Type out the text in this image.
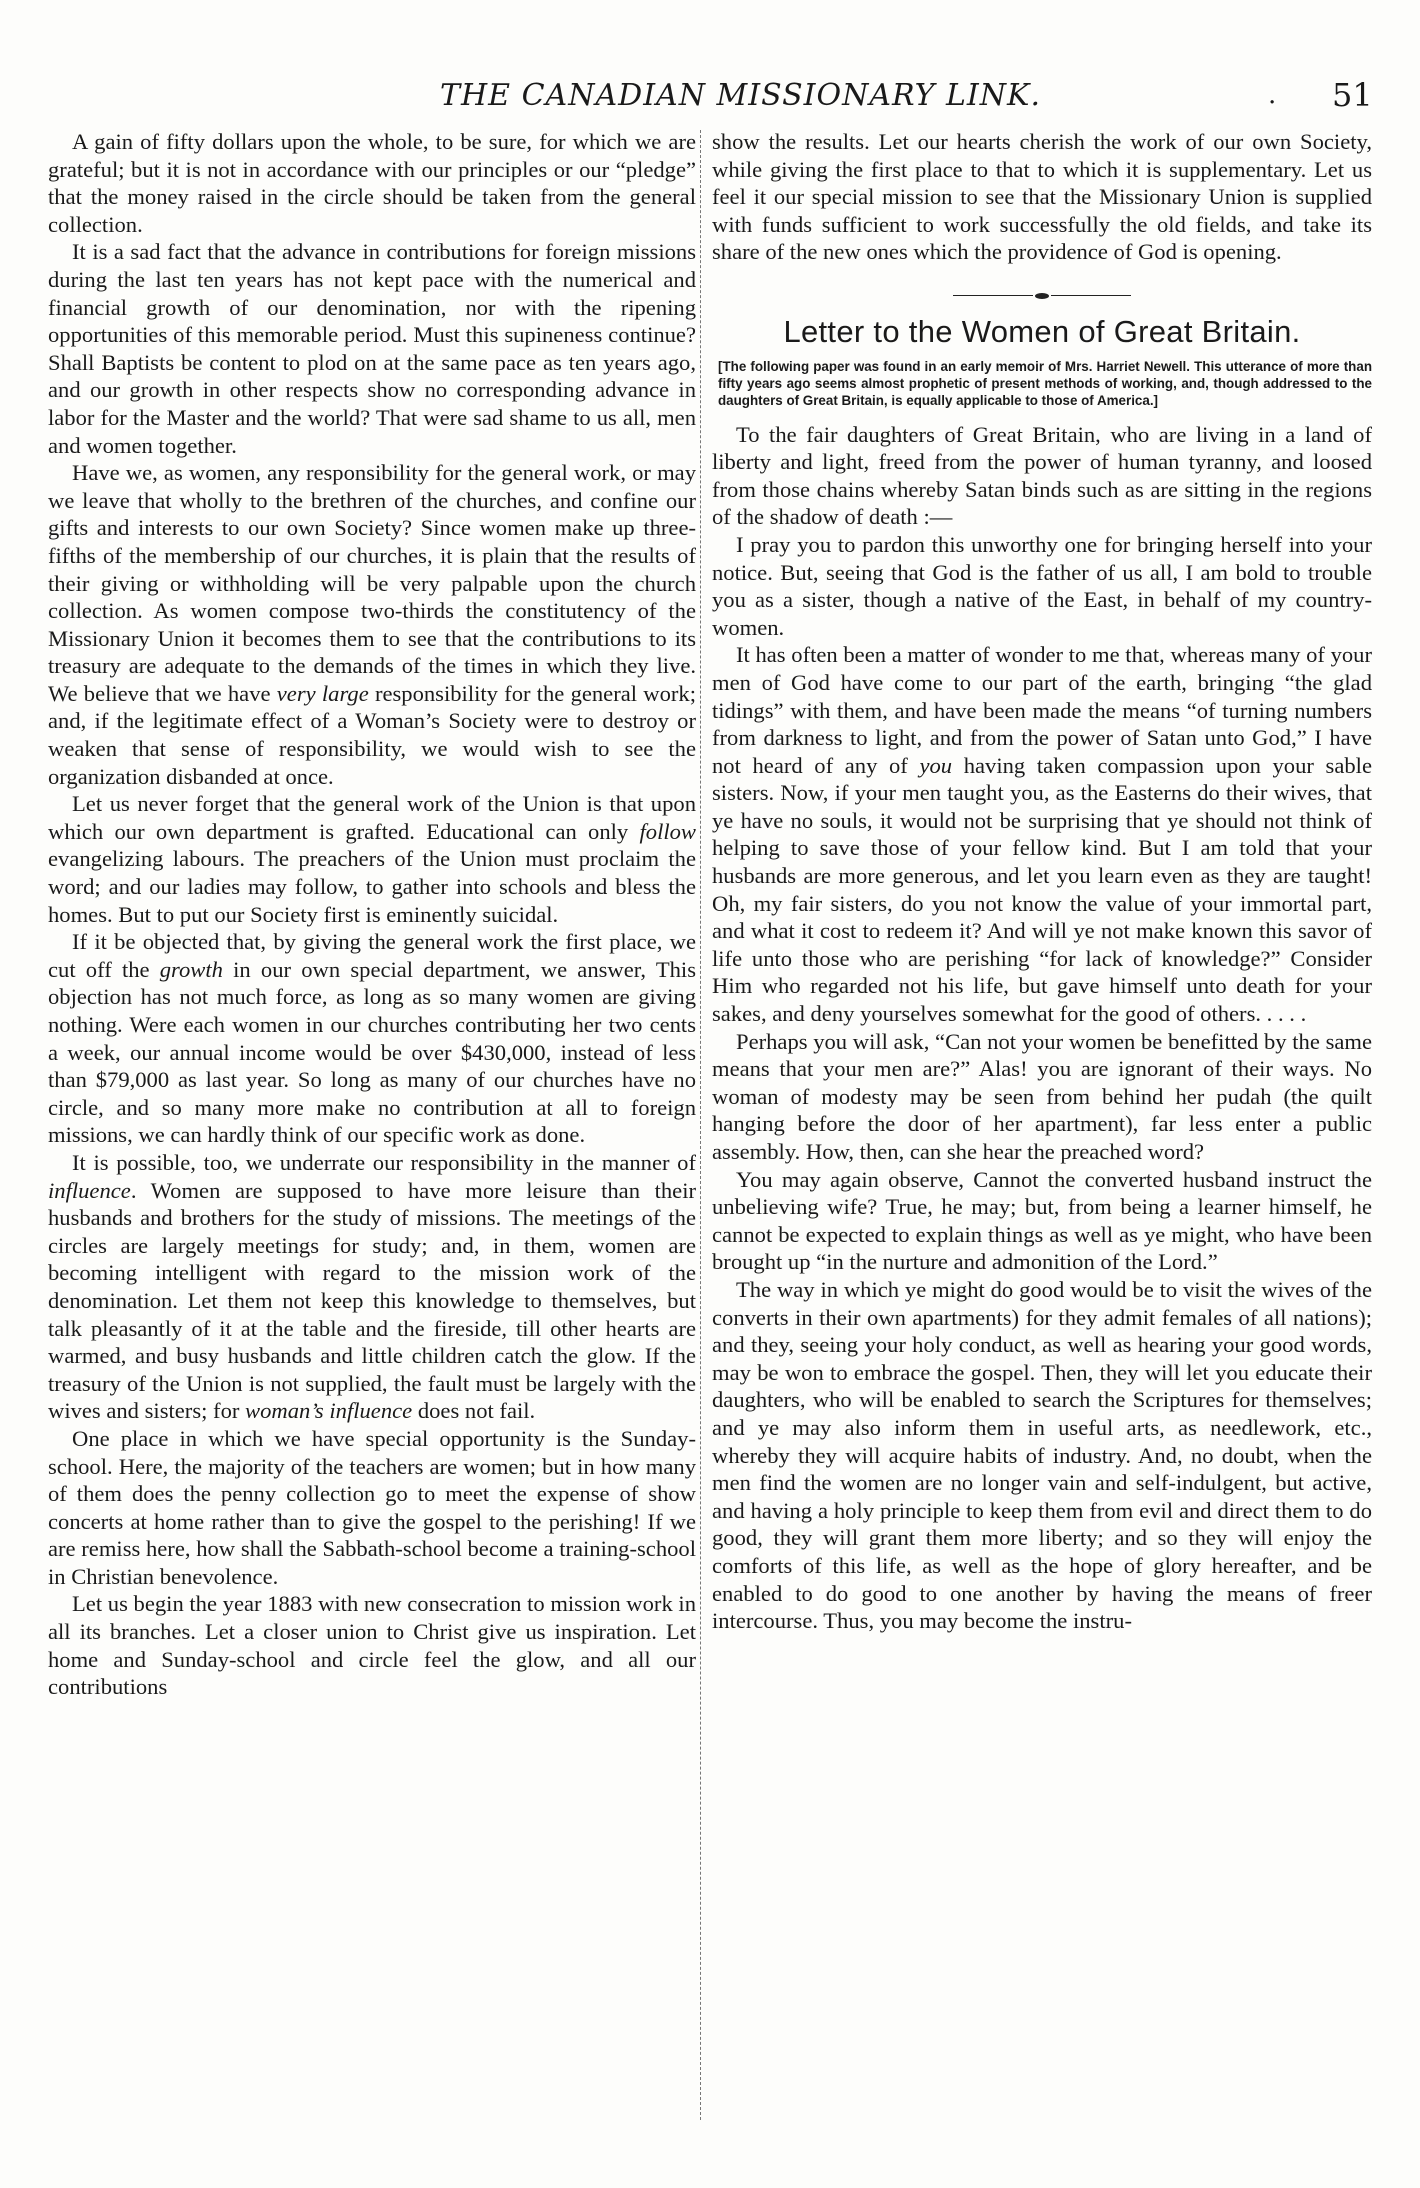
THE CANADIAN MISSIONARY LINK.	. 51

A gain of fifty dollars upon the whole, to be sure, for which we are grateful; but it is not in accordance with our principles or our “pledge” that the money raised in the circle should be taken from the general collection.

It is a sad fact that the advance in contributions for foreign missions during the last ten years has not kept pace with the numerical and financial growth of our denomination, nor with the ripening opportunities of this memorable period. Must this supineness continue? Shall Baptists be content to plod on at the same pace as ten years ago, and our growth in other respects show no corresponding advance in labor for the Master and the world? That were sad shame to us all, men and women together.

Have we, as women, any responsibility for the general work, or may we leave that wholly to the brethren of the churches, and confine our gifts and interests to our own Society? Since women make up three-fifths of the membership of our churches, it is plain that the results of their giving or withholding will be very palpable upon the church collection. As women compose two-thirds the constitutency of the Missionary Union it becomes them to see that the contributions to its treasury are adequate to the demands of the times in which they live. We believe that we have very large responsibility for the general work; and, if the legitimate effect of a Woman’s Society were to destroy or weaken that sense of responsibility, we would wish to see the organization disbanded at once.

Let us never forget that the general work of the Union is that upon which our own department is grafted. Educational can only follow evangelizing labours. The preachers of the Union must proclaim the word; and our ladies may follow, to gather into schools and bless the homes. But to put our Society first is eminently suicidal.

If it be objected that, by giving the general work the first place, we cut off the growth in our own special department, we answer, This objection has not much force, as long as so many women are giving nothing. Were each women in our churches contributing her two cents a week, our annual income would be over $430,000, instead of less than $79,000 as last year. So long as many of our churches have no circle, and so many more make no contribution at all to foreign missions, we can hardly think of our specific work as done.

It is possible, too, we underrate our responsibility in the manner of influence. Women are supposed to have more leisure than their husbands and brothers for the study of missions. The meetings of the circles are largely meetings for study; and, in them, women are becoming intelligent with regard to the mission work of the denomination. Let them not keep this knowledge to themselves, but talk pleasantly of it at the table and the fireside, till other hearts are warmed, and busy husbands and little children catch the glow. If the treasury of the Union is not supplied, the fault must be largely with the wives and sisters; for woman’s influence does not fail.

One place in which we have special opportunity is the Sunday-school. Here, the majority of the teachers are women; but in how many of them does the penny collection go to meet the expense of show concerts at home rather than to give the gospel to the perishing! If we are remiss here, how shall the Sabbath-school become a training-school in Christian benevolence.

Let us begin the year 1883 with new consecration to mission work in all its branches. Let a closer union to Christ give us inspiration. Let home and Sunday-school and circle feel the glow, and all our contributions

show the results. Let our hearts cherish the work of our own Society, while giving the first place to that to which it is supplementary. Let us feel it our special mission to see that the Missionary Union is supplied with funds sufficient to work successfully the old fields, and take its share of the new ones which the providence of God is opening.

Letter to the Women of Great Britain.
[The following paper was found in an early memoir of Mrs. Harriet Newell. This utterance of more than fifty years ago seems almost prophetic of present methods of working, and, though addressed to the daughters of Great Britain, is equally applicable to those of America.]

To the fair daughters of Great Britain, who are living in a land of liberty and light, freed from the power of human tyranny, and loosed from those chains whereby Satan binds such as are sitting in the regions of the shadow of death :—

I pray you to pardon this unworthy one for bringing herself into your notice. But, seeing that God is the father of us all, I am bold to trouble you as a sister, though a native of the East, in behalf of my country-women.

It has often been a matter of wonder to me that, whereas many of your men of God have come to our part of the earth, bringing “the glad tidings” with them, and have been made the means “of turning numbers from darkness to light, and from the power of Satan unto God,” I have not heard of any of you having taken compassion upon your sable sisters. Now, if your men taught you, as the Easterns do their wives, that ye have no souls, it would not be surprising that ye should not think of helping to save those of your fellow kind. But I am told that your husbands are more generous, and let you learn even as they are taught! Oh, my fair sisters, do you not know the value of your immortal part, and what it cost to redeem it? And will ye not make known this savor of life unto those who are perishing “for lack of knowledge?” Consider Him who regarded not his life, but gave himself unto death for your sakes, and deny yourselves somewhat for the good of others. . . . .

Perhaps you will ask, “Can not your women be benefitted by the same means that your men are?” Alas! you are ignorant of their ways. No woman of modesty may be seen from behind her pudah (the quilt hanging before the door of her apartment), far less enter a public assembly. How, then, can she hear the preached word?

You may again observe, Cannot the converted husband instruct the unbelieving wife? True, he may; but, from being a learner himself, he cannot be expected to explain things as well as ye might, who have been brought up “in the nurture and admonition of the Lord.”

The way in which ye might do good would be to visit the wives of the converts in their own apartments) for they admit females of all nations); and they, seeing your holy conduct, as well as hearing your good words, may be won to embrace the gospel. Then, they will let you educate their daughters, who will be enabled to search the Scriptures for themselves; and ye may also inform them in useful arts, as needlework, etc., whereby they will acquire habits of industry. And, no doubt, when the men find the women are no longer vain and self-indulgent, but active, and having a holy principle to keep them from evil and direct them to do good, they will grant them more liberty; and so they will enjoy the comforts of this life, as well as the hope of glory hereafter, and be enabled to do good to one another by having the means of freer intercourse. Thus, you may become the instru-
